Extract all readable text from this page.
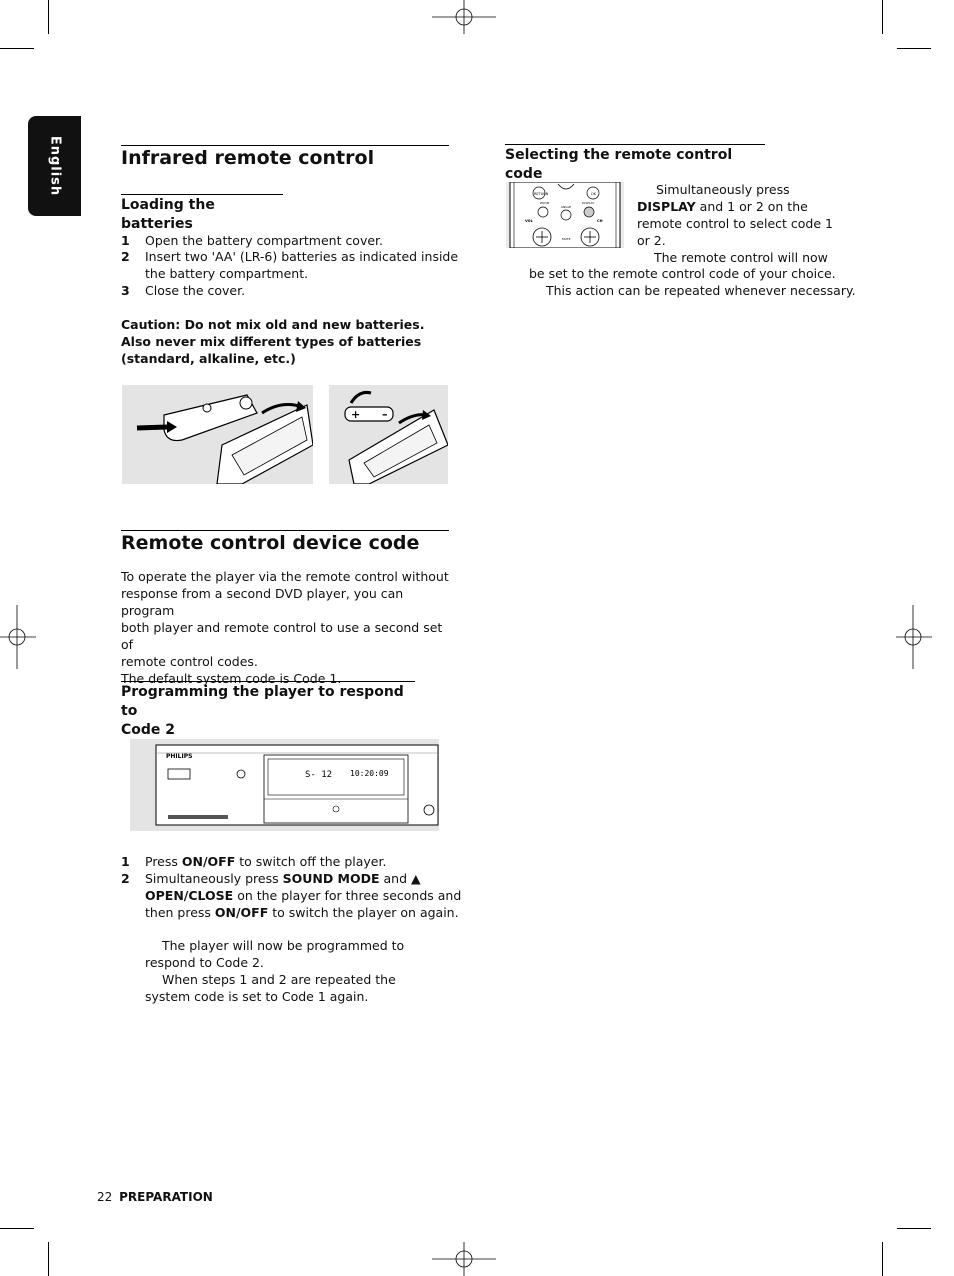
English	Infrared remote control
Loading the batteries
1 Open the battery compartment cover.
2 Insert two 'AA' (LR-6) batteries as indicated inside the battery compartment.
3 Close the cover.
Caution: Do not mix old and new batteries. Also never mix different types of batteries (standard, alkaline, etc.)
+ –
Remote control device code
To operate the player via the remote control without
response from a second DVD player, you can program
both player and remote control to use a second set of
remote control codes.
The default system code is Code 1.
Programming the player to respond to
Code 2
PHILIPS
S- 12 10:20:09
1 Press ON/OFF to switch off the player.
2 Simultaneously press SOUND MODE and ▲
OPEN/CLOSE on the player for three seconds and then press ON/OFF to switch the player on again.
The player will now be programmed to respond to Code 2.
When steps 1 and 2 are repeated the system code is set to Code 1 again.
Selecting the remote control code
RETURN	OK
ZOOM
ANGLE
DISPLAY
VOL	CH
MUTE
Simultaneously press
DISPLAY and 1 or 2 on the
remote control to select code 1
or 2.
The remote control will now
be set to the remote control code of your choice.
This action can be repeated whenever necessary.
22 PREPARATION
